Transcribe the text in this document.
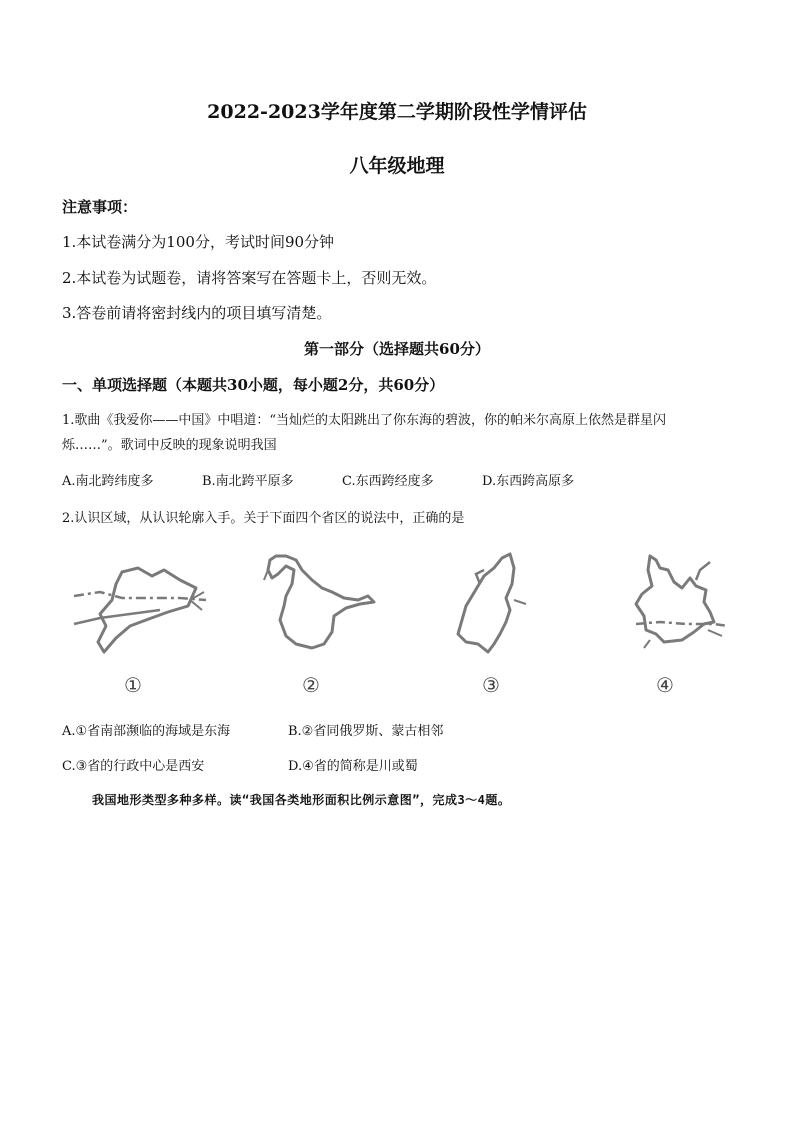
2022-2023学年度第二学期阶段性学情评估
八年级地理
注意事项：
1.本试卷满分为100分，考试时间90分钟
2.本试卷为试题卷，请将答案写在答题卡上，否则无效。
3.答卷前请将密封线内的项目填写清楚。
第一部分（选择题共60分）
一、单项选择题（本题共30小题，每小题2分，共60分）
1.歌曲《我爱你——中国》中唱道：“当灿烂的太阳跳出了你东海的碧波，你的帕米尔高原上依然是群星闪
烁……”。歌词中反映的现象说明我国
A.南北跨纬度多	B.南北跨平原多	C.东西跨经度多	D.东西跨高原多
2.认识区域，从认识轮廓入手。关于下面四个省区的说法中，正确的是
①	②	③	④
A.①省南部濒临的海域是东海	B.②省同俄罗斯、蒙古相邻
C.③省的行政中心是西安	D.④省的简称是川或蜀
我国地形类型多种多样。读“我国各类地形面积比例示意图”，完成3～4题。
